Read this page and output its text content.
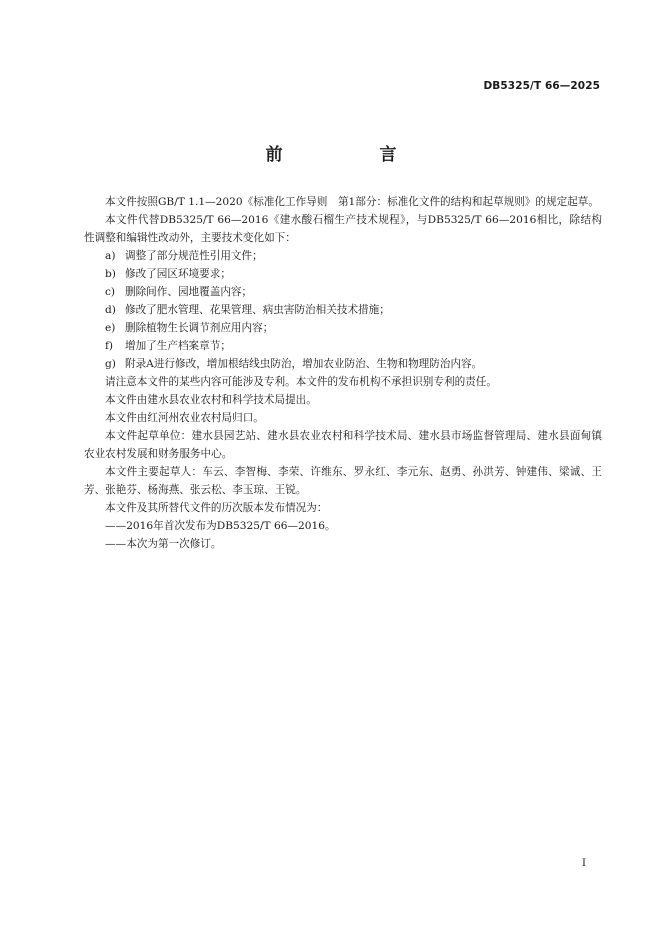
DB5325/T 66—2025
前　言

本文件按照GB/T 1.1—2020《标准化工作导则　第1部分：标准化文件的结构和起草规则》的规定起草。

本文件代替DB5325/T 66—2016《建水酸石榴生产技术规程》，与DB5325/T 66—2016相比，除结构性调整和编辑性改动外，主要技术变化如下：

a) 调整了部分规范性引用文件；

b) 修改了园区环境要求；

c) 删除间作、园地覆盖内容；

d) 修改了肥水管理、花果管理、病虫害防治相关技术措施；

e) 删除植物生长调节剂应用内容；

f) 增加了生产档案章节；

g) 附录A进行修改，增加根结线虫防治，增加农业防治、生物和物理防治内容。

请注意本文件的某些内容可能涉及专利。本文件的发布机构不承担识别专利的责任。

本文件由建水县农业农村和科学技术局提出。

本文件由红河州农业农村局归口。

本文件起草单位：建水县园艺站、建水县农业农村和科学技术局、建水县市场监督管理局、建水县面甸镇农业农村发展和财务服务中心。

本文件主要起草人：车云、李智梅、李荣、许维东、罗永红、李元东、赵勇、孙洪芳、钟建伟、梁诚、王芳、张艳芬、杨海燕、张云松、李玉琼、王锐。

本文件及其所替代文件的历次版本发布情况为：

——2016年首次发布为DB5325/T 66—2016。

——本次为第一次修订。

I
